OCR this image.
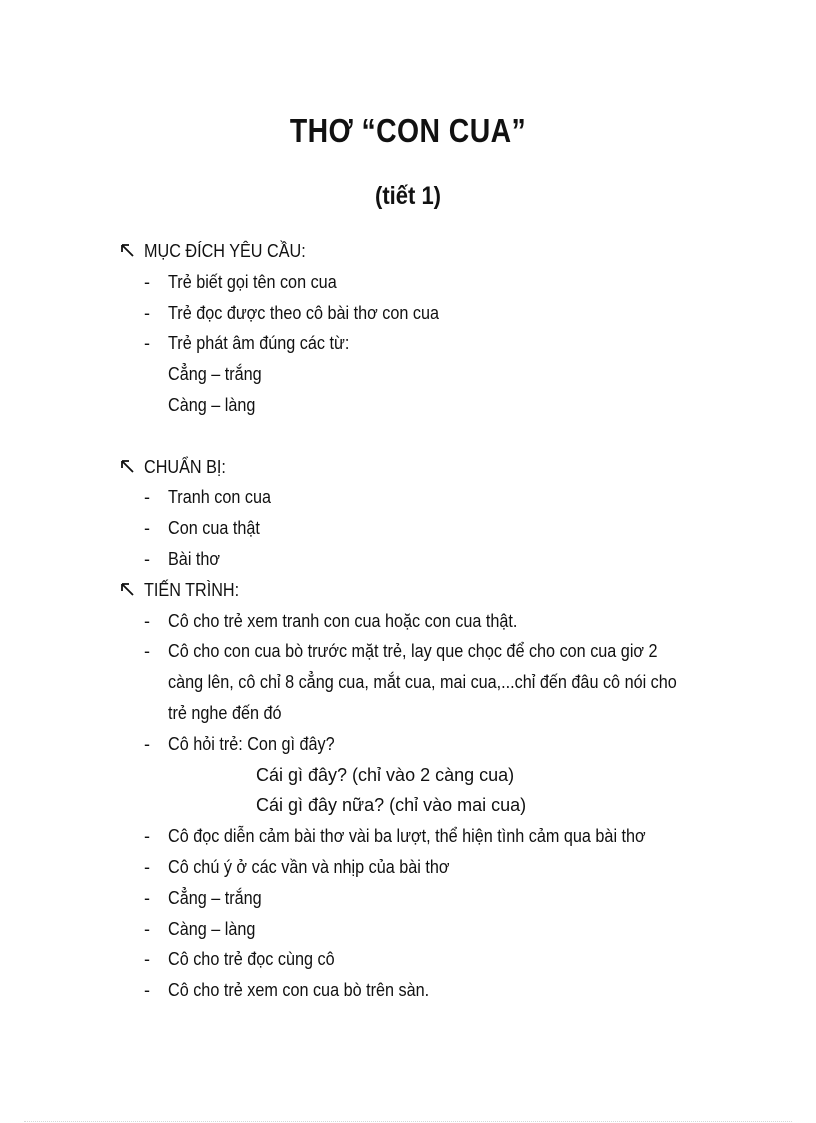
THƠ “CON CUA”
(tiết 1)
MỤC ĐÍCH YÊU CẦU:
- Trẻ biết gọi tên con cua
- Trẻ đọc được theo cô bài thơ con cua
- Trẻ phát âm đúng các từ:
Cẳng – trắng
Càng – làng
CHUẨN BỊ:
- Tranh con cua
- Con cua thật
- Bài thơ
TIẾN TRÌNH:
- Cô cho trẻ xem tranh con cua hoặc con cua thật.
- Cô cho con cua bò trước mặt trẻ, lay que chọc để cho con cua giơ 2
càng lên, cô chỉ 8 cẳng cua, mắt cua, mai cua,...chỉ đến đâu cô nói cho
trẻ nghe đến đó
- Cô hỏi trẻ: Con gì đây?
Cái gì đây? (chỉ vào 2 càng cua)
Cái gì đây nữa? (chỉ vào mai cua)
- Cô đọc diễn cảm bài thơ vài ba lượt, thể hiện tình cảm qua bài thơ
- Cô chú ý ở các vần và nhịp của bài thơ
- Cẳng – trắng
- Càng – làng
- Cô cho trẻ đọc cùng cô
- Cô cho trẻ xem con cua bò trên sàn.
